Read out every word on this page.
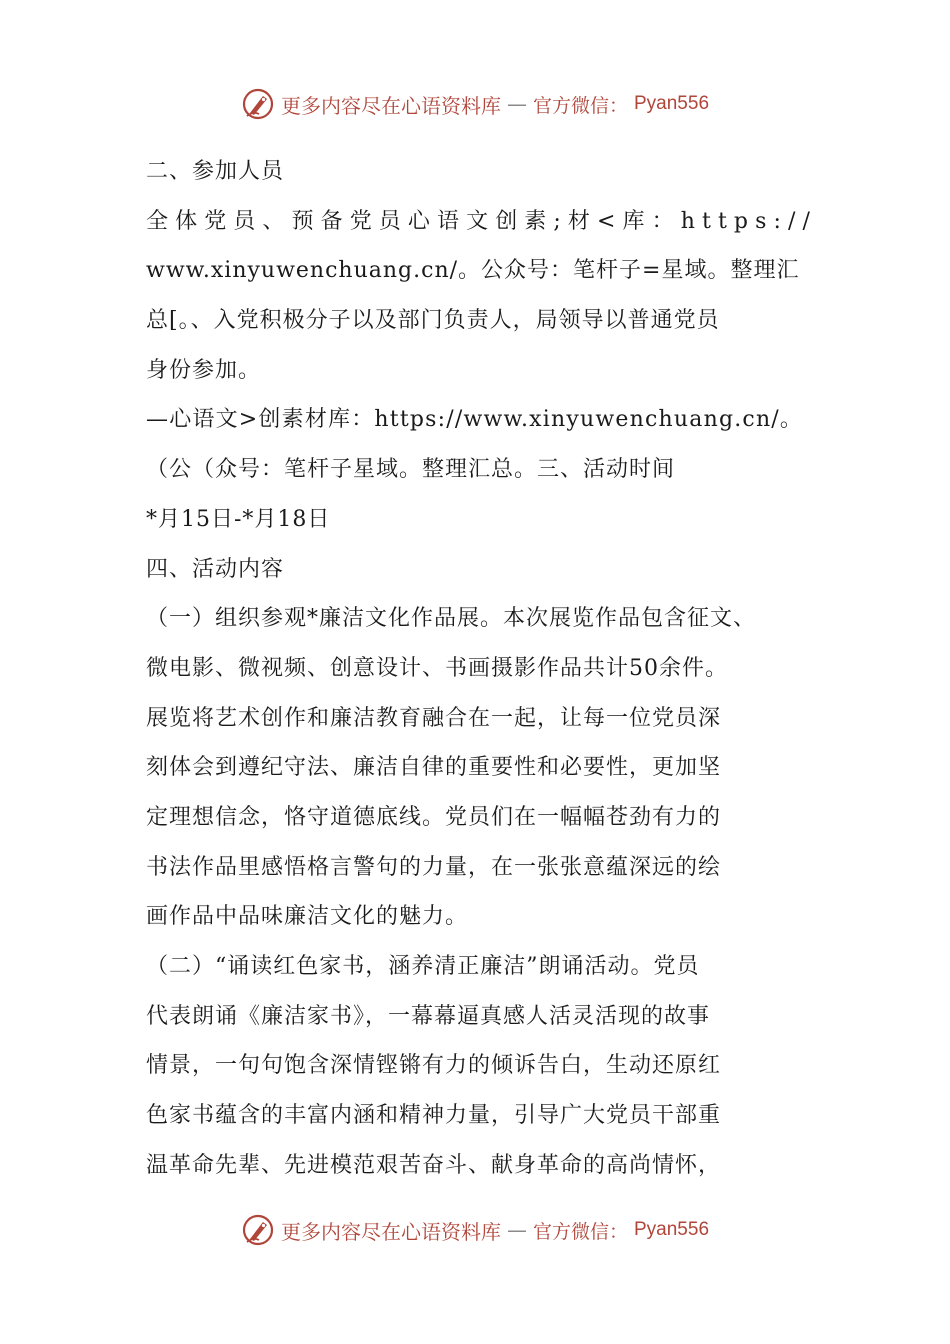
更多内容尽在心语资料库 — 官方微信： Pyan556
二、参加人员
全体党员、预备党员心语文创素;材<库：https://
www.xinyuwenchuang.cn/。公众号：笔杆子=星域。整理汇
总[。、入党积极分子以及部门负责人，局领导以普通党员
身份参加。
—心语文>创素材库：https://www.xinyuwenchuang.cn/。
（公（众号：笔杆子星域。整理汇总。三、活动时间
*月15日-*月18日
四、活动内容
（一）组织参观*廉洁文化作品展。本次展览作品包含征文、
微电影、微视频、创意设计、书画摄影作品共计50余件。
展览将艺术创作和廉洁教育融合在一起，让每一位党员深
刻体会到遵纪守法、廉洁自律的重要性和必要性，更加坚
定理想信念，恪守道德底线。党员们在一幅幅苍劲有力的
书法作品里感悟格言警句的力量，在一张张意蕴深远的绘
画作品中品味廉洁文化的魅力。
（二）“诵读红色家书，涵养清正廉洁”朗诵活动。党员
代表朗诵《廉洁家书》，一幕幕逼真感人活灵活现的故事
情景，一句句饱含深情铿锵有力的倾诉告白，生动还原红
色家书蕴含的丰富内涵和精神力量，引导广大党员干部重
温革命先辈、先进模范艰苦奋斗、献身革命的高尚情怀，
更多内容尽在心语资料库 — 官方微信： Pyan556
